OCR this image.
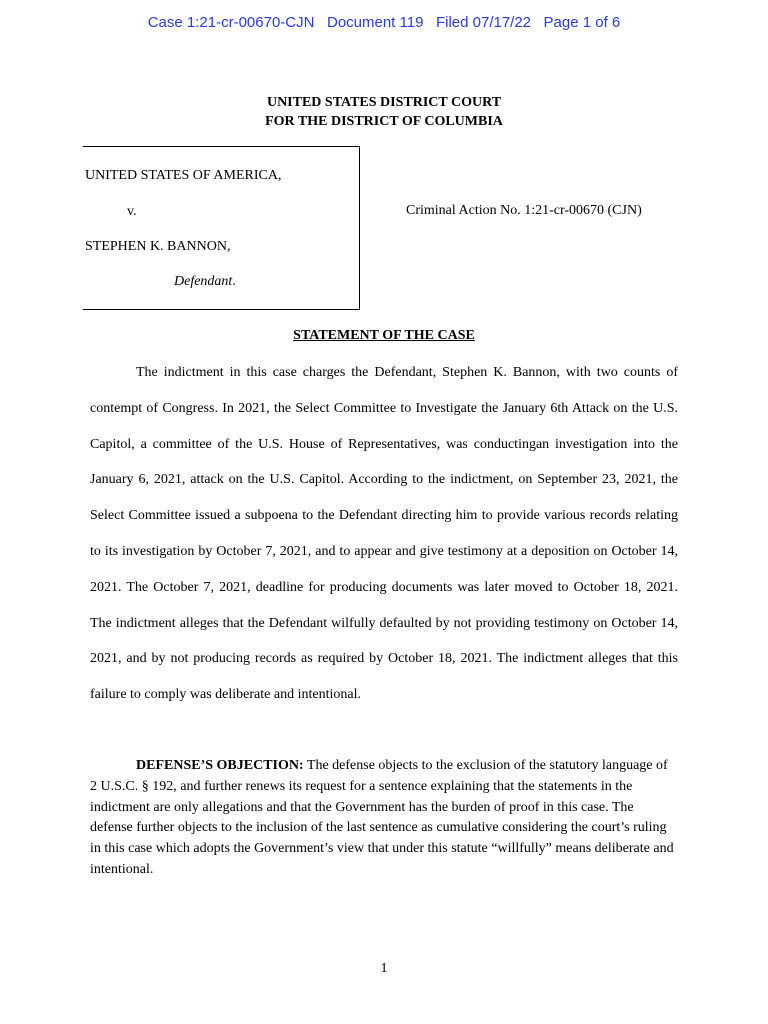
Case 1:21-cr-00670-CJN Document 119 Filed 07/17/22 Page 1 of 6
UNITED STATES DISTRICT COURT
FOR THE DISTRICT OF COLUMBIA
UNITED STATES OF AMERICA,
v.
STEPHEN K. BANNON,
Defendant.
Criminal Action No. 1:21-cr-00670 (CJN)
STATEMENT OF THE CASE

The indictment in this case charges the Defendant, Stephen K. Bannon, with two counts of contempt of Congress. In 2021, the Select Committee to Investigate the January 6th Attack on the U.S. Capitol, a committee of the U.S. House of Representatives, was conductingan investigation into the January 6, 2021, attack on the U.S. Capitol. According to the indictment, on September 23, 2021, the Select Committee issued a subpoena to the Defendant directing him to provide various records relating to its investigation by October 7, 2021, and to appear and give testimony at a deposition on October 14, 2021. The October 7, 2021, deadline for producing documents was later moved to October 18, 2021. The indictment alleges that the Defendant wilfully defaulted by not providing testimony on October 14, 2021, and by not producing records as required by October 18, 2021. The indictment alleges that this failure to comply was deliberate and intentional.

DEFENSE’S OBJECTION: The defense objects to the exclusion of the statutory language of 2 U.S.C. § 192, and further renews its request for a sentence explaining that the statements in the indictment are only allegations and that the Government has the burden of proof in this case. The defense further objects to the inclusion of the last sentence as cumulative considering the court’s ruling in this case which adopts the Government’s view that under this statute “willfully” means deliberate and intentional.

1
